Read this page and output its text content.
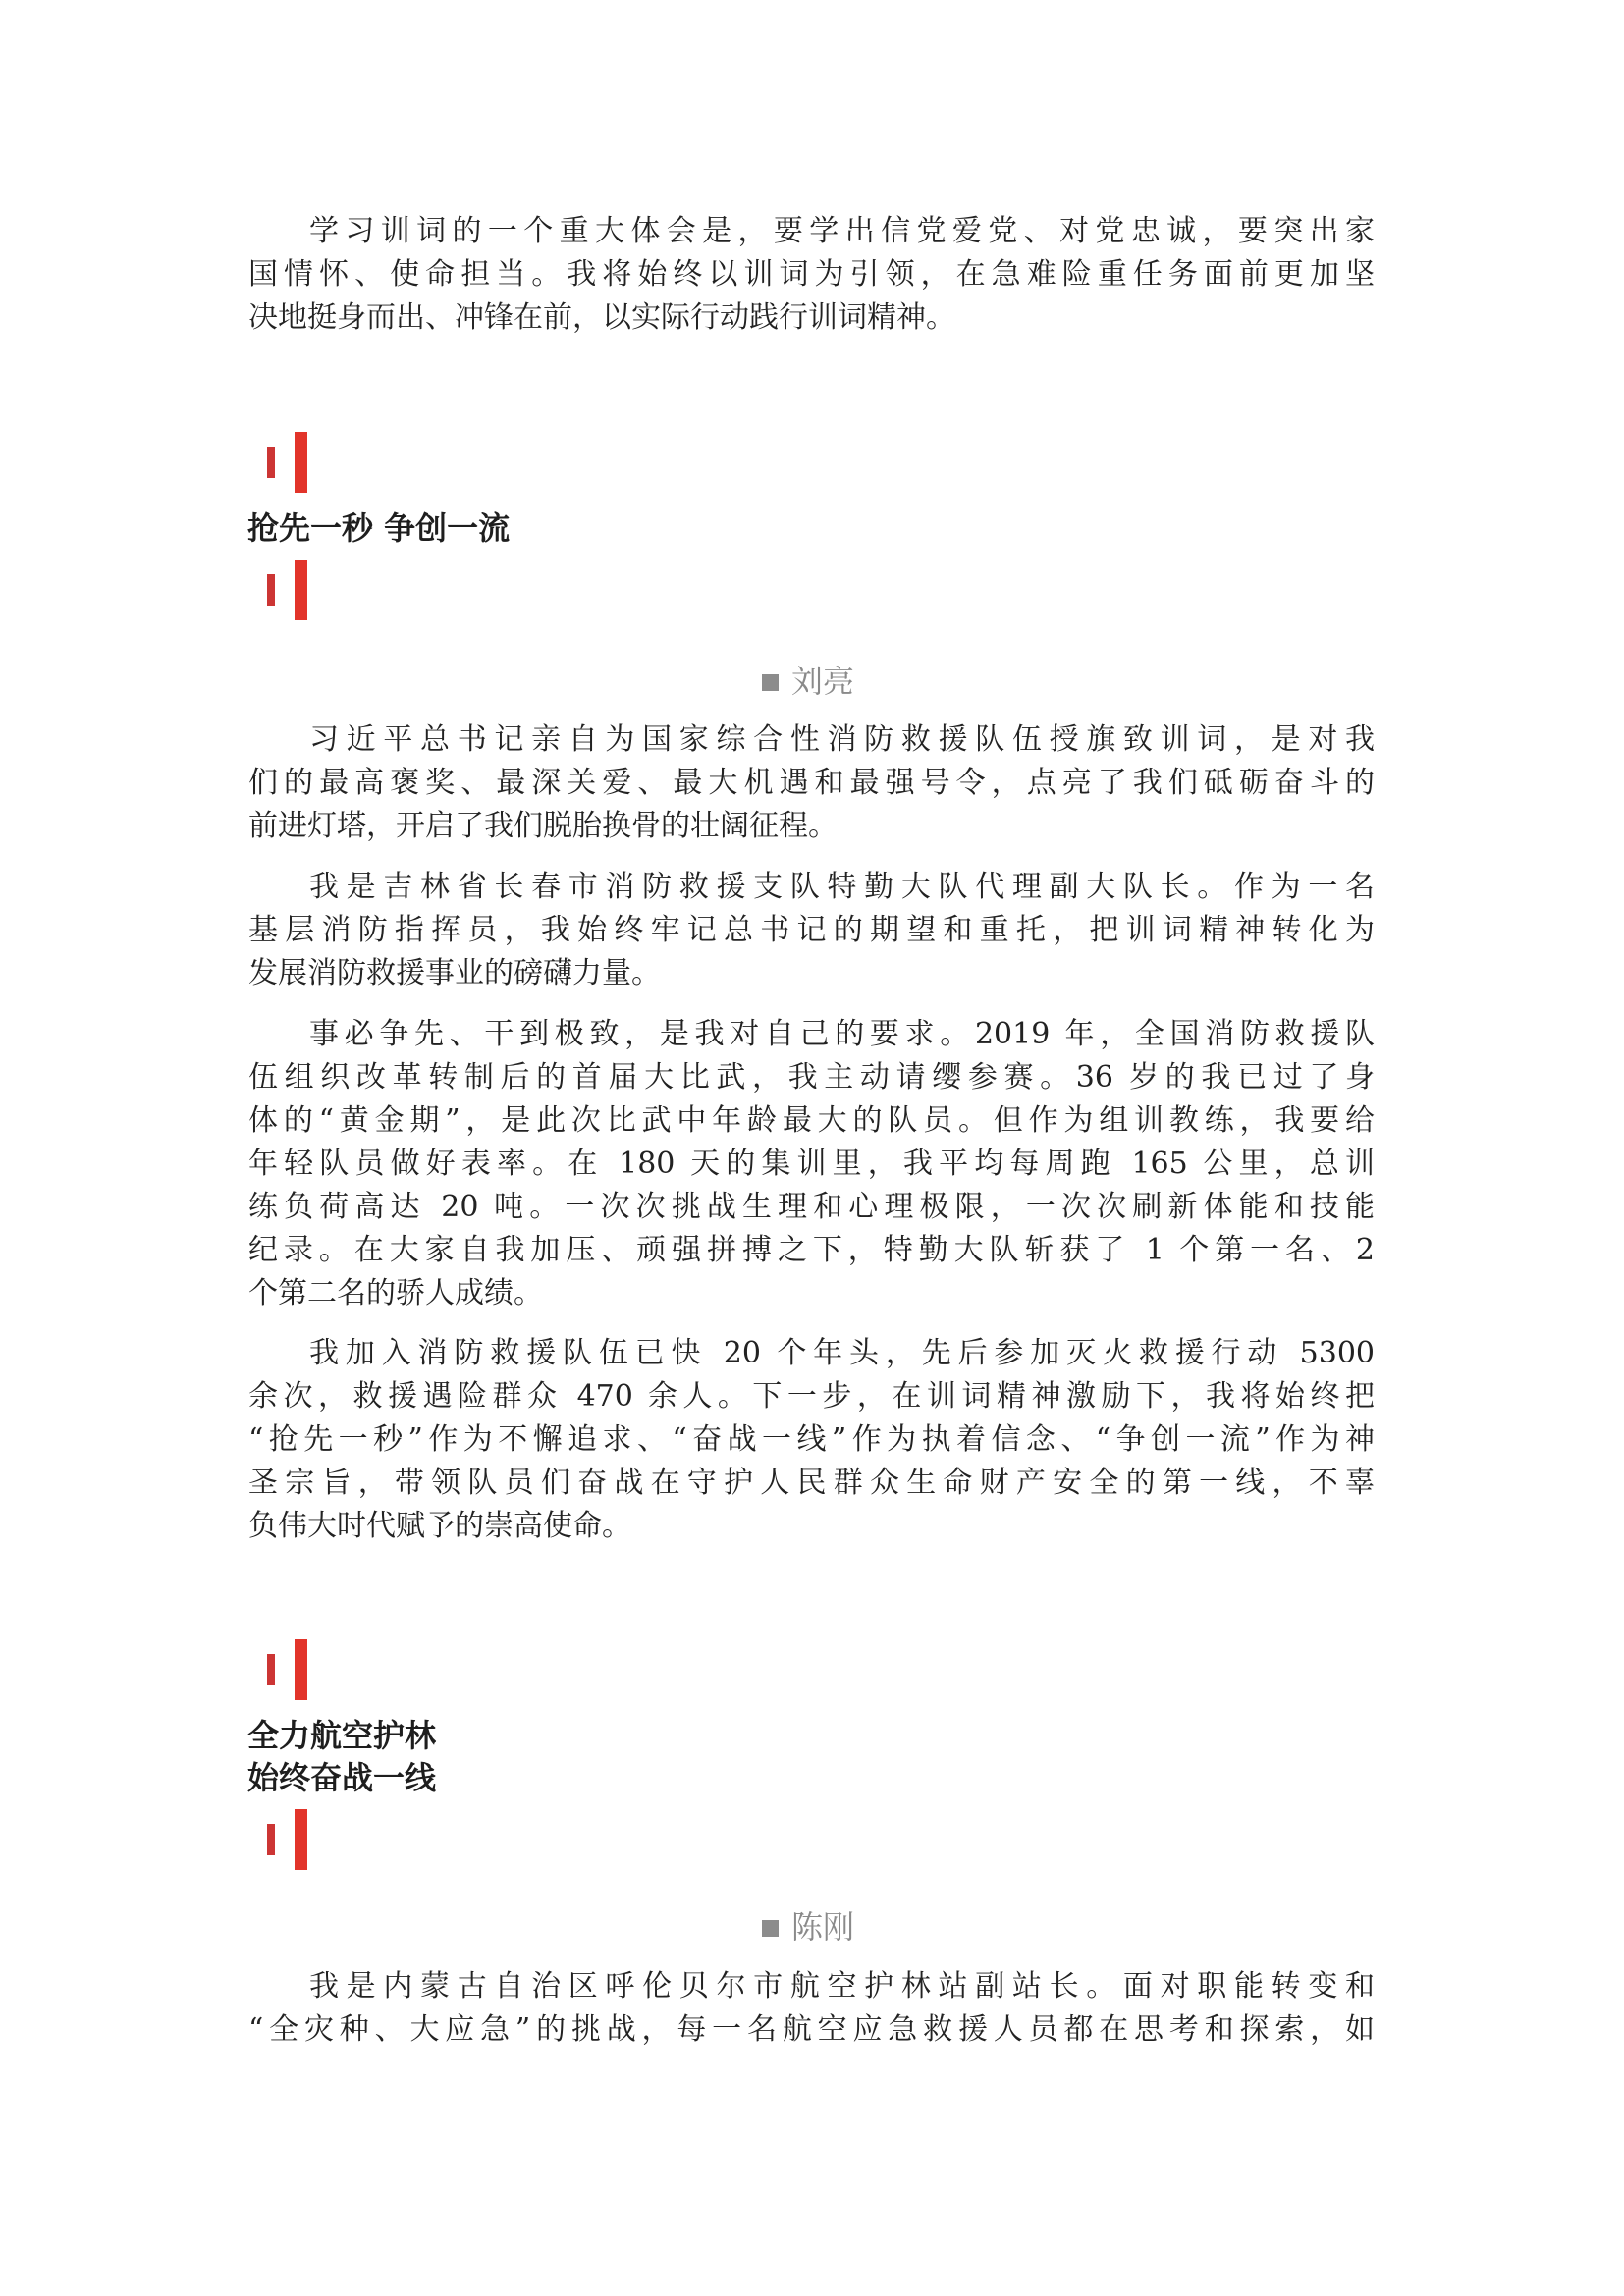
学习训词的一个重大体会是，要学出信党爱党、对党忠诚，要突出家
国情怀、使命担当。我将始终以训词为引领，在急难险重任务面前更加坚
决地挺身而出、冲锋在前，以实际行动践行训词精神。
抢先一秒 争创一流
刘亮
习近平总书记亲自为国家综合性消防救援队伍授旗致训词，是对我
们的最高褒奖、最深关爱、最大机遇和最强号令，点亮了我们砥砺奋斗的
前进灯塔，开启了我们脱胎换骨的壮阔征程。
我是吉林省长春市消防救援支队特勤大队代理副大队长。作为一名
基层消防指挥员，我始终牢记总书记的期望和重托，把训词精神转化为
发展消防救援事业的磅礴力量。
事必争先、干到极致，是我对自己的要求。2019 年，全国消防救援队
伍组织改革转制后的首届大比武，我主动请缨参赛。36 岁的我已过了身
体的“黄金期”，是此次比武中年龄最大的队员。但作为组训教练，我要给
年轻队员做好表率。在 180 天的集训里，我平均每周跑 165 公里，总训
练负荷高达 20 吨。一次次挑战生理和心理极限，一次次刷新体能和技能
纪录。在大家自我加压、顽强拼搏之下，特勤大队斩获了 1 个第一名、2
个第二名的骄人成绩。
我加入消防救援队伍已快 20 个年头，先后参加灭火救援行动 5300
余次，救援遇险群众 470 余人。下一步，在训词精神激励下，我将始终把
“抢先一秒”作为不懈追求、“奋战一线”作为执着信念、“争创一流”作为神
圣宗旨，带领队员们奋战在守护人民群众生命财产安全的第一线，不辜
负伟大时代赋予的崇高使命。
全力航空护林
始终奋战一线
陈刚
我是内蒙古自治区呼伦贝尔市航空护林站副站长。面对职能转变和
“全灾种、大应急”的挑战，每一名航空应急救援人员都在思考和探索，如
